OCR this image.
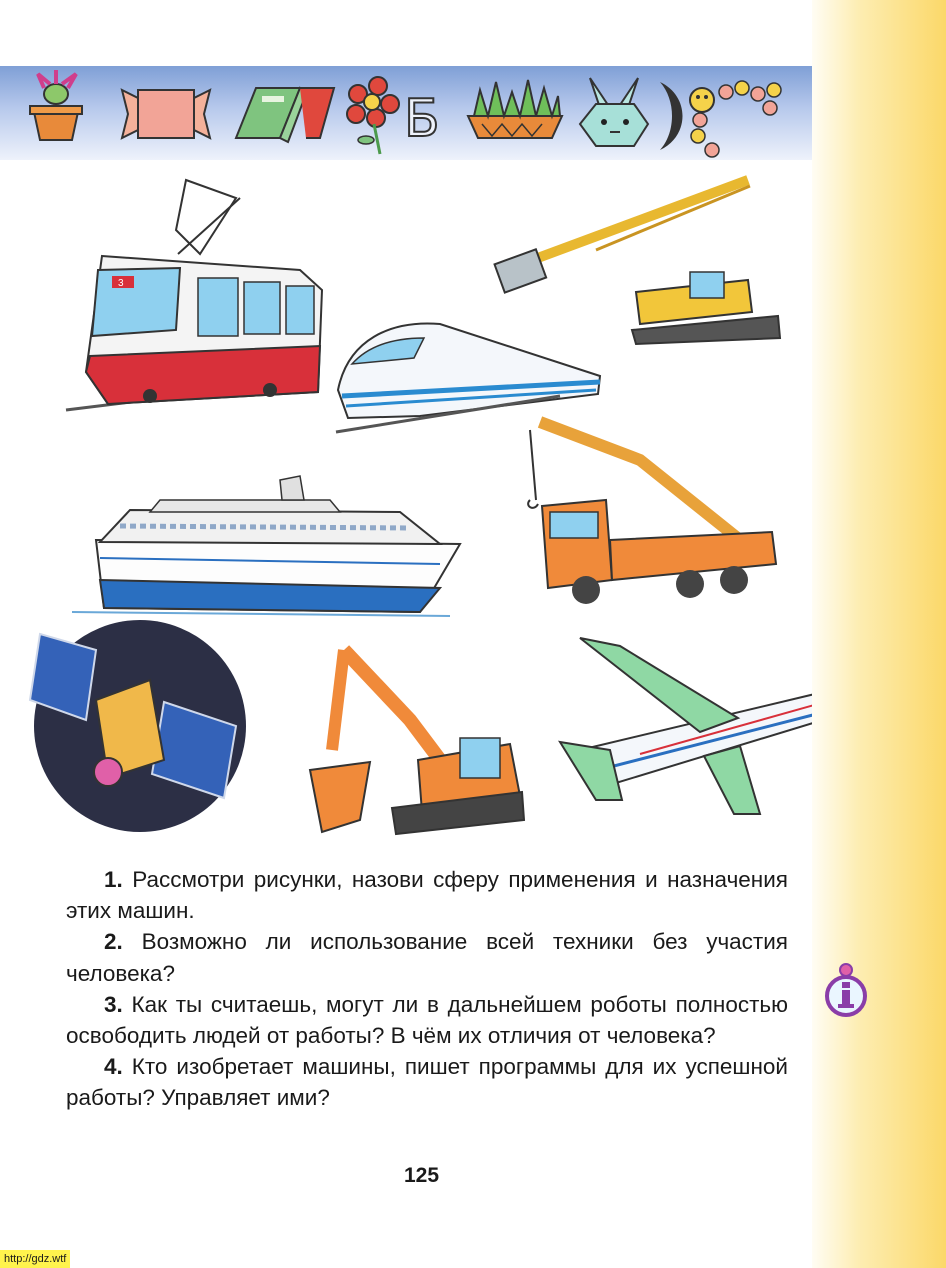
Б
3

1. Рассмотри рисунки, назови сферу применения и назначения этих машин.

2. Возможно ли использование всей техники без участия человека?

3. Как ты считаешь, могут ли в дальнейшем роботы полностью освободить людей от работы? В чём их отличия от человека?

4. Кто изобретает машины, пишет программы для их успешной работы? Управляет ими?

125
http://gdz.wtf
